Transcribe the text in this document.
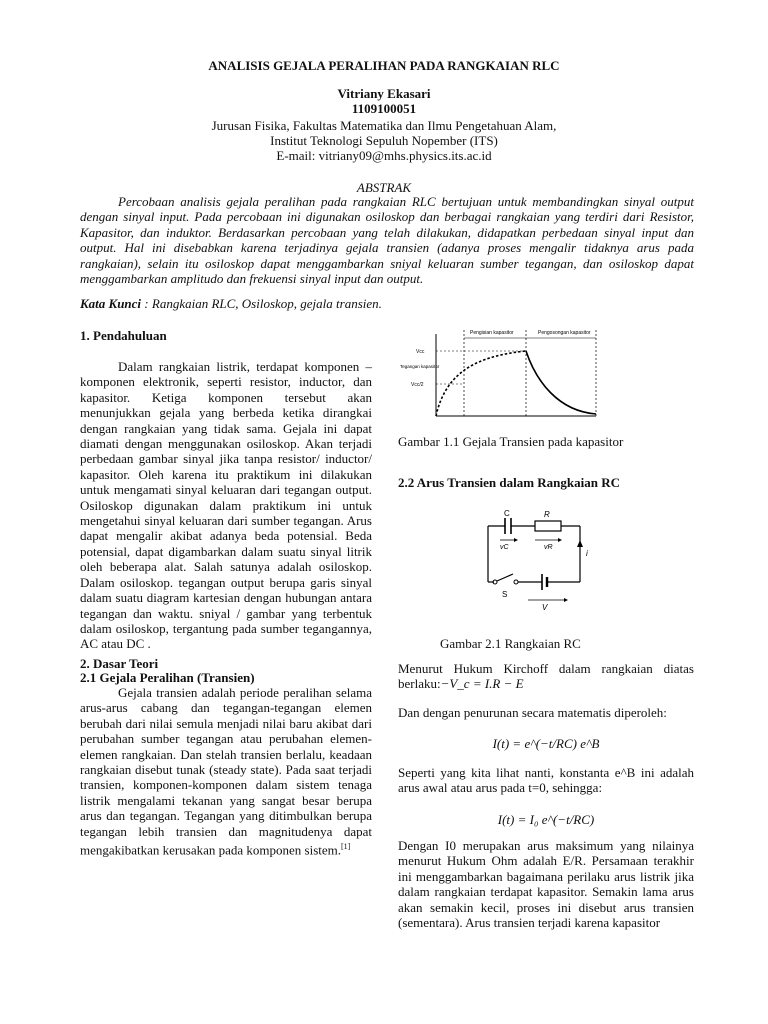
ANALISIS GEJALA PERALIHAN PADA RANGKAIAN RLC
Vitriany Ekasari
1109100051
Jurusan Fisika, Fakultas Matematika dan Ilmu Pengetahuan Alam,
Institut Teknologi Sepuluh Nopember (ITS)
E-mail: vitriany09@mhs.physics.its.ac.id
ABSTRAK
Percobaan analisis gejala peralihan pada rangkaian RLC bertujuan untuk membandingkan sinyal output dengan sinyal input. Pada percobaan ini digunakan osiloskop dan berbagai rangkaian yang terdiri dari Resistor, Kapasitor, dan induktor. Berdasarkan percobaan yang telah dilakukan, didapatkan perbedaan sinyal input dan output. Hal ini disebabkan karena terjadinya gejala transien (adanya proses mengalir tidaknya arus pada rangkaian), selain itu osiloskop dapat menggambarkan sniyal keluaran sumber tegangan, dan osiloskop dapat menggambarkan amplitudo dan frekuensi sinyal input dan output.
Kata Kunci : Rangkaian RLC, Osiloskop, gejala transien.
1. Pendahuluan
Dalam rangkaian listrik, terdapat komponen – komponen elektronik, seperti resistor, inductor, dan kapasitor. Ketiga komponen tersebut akan menunjukkan gejala yang berbeda ketika dirangkai dengan rangkaian yang tidak sama. Gejala ini dapat diamati dengan menggunakan osiloskop. Akan terjadi perbedaan gambar sinyal jika tanpa resistor/ inductor/ kapasitor. Oleh karena itu praktikum ini dilakukan untuk mengamati sinyal keluaran dari tegangan output. Osiloskop digunakan dalam praktikum ini untuk mengetahui sinyal keluaran dari sumber tegangan. Arus dapat mengalir akibat adanya beda potensial. Beda potensial, dapat digambarkan dalam suatu sinyal litrik oleh beberapa alat. Salah satunya adalah osiloskop. Dalam osiloskop. tegangan output berupa garis sinyal dalam suatu diagram kartesian dengan hubungan antara tegangan dan waktu. sniyal / gambar yang terbentuk dalam osiloskop, tergantung pada sumber tegangannya, AC atau DC .
2. Dasar Teori
2.1 Gejala Peralihan (Transien)
Gejala transien adalah periode peralihan selama arus-arus cabang dan tegangan-tegangan elemen berubah dari nilai semula menjadi nilai baru akibat dari perubahan sumber tegangan atau perubahan elemen-elemen rangkaian. Dan stelah transien berlalu, keadaan rangkaian disebut tunak (steady state). Pada saat terjadi transien, komponen-komponen dalam sistem tenaga listrik mengalami tekanan yang sangat besar berupa arus dan tegangan. Tegangan yang ditimbulkan berupa tegangan lebih transien dan magnitudenya dapat mengakibatkan kerusakan pada komponen sistem.[1]
Pengisian kapasitor	Pengosongan kapasitor
Vcc
Vcc/2
Tegangan kapasitor
Gambar 1.1 Gejala Transien pada kapasitor
2.2 Arus Transien dalam Rangkaian RC
C	R
vC	vR
i
S
V
Gambar 2.1 Rangkaian RC
Menurut Hukum Kirchoff dalam rangkaian diatas berlaku:−V_c = I.R − E
Dan dengan penurunan secara matematis diperoleh:
I(t) = e^(−t/RC) e^B
Seperti yang kita lihat nanti, konstanta e^B ini adalah arus awal atau arus pada t=0, sehingga:
I(t) = I₀ e^(−t/RC)
Dengan I0 merupakan arus maksimum yang nilainya menurut Hukum Ohm adalah E/R. Persamaan terakhir ini menggambarkan bagaimana perilaku arus listrik jika dalam rangkaian terdapat kapasitor. Semakin lama arus akan semakin kecil, proses ini disebut arus transien (sementara). Arus transien terjadi karena kapasitor
